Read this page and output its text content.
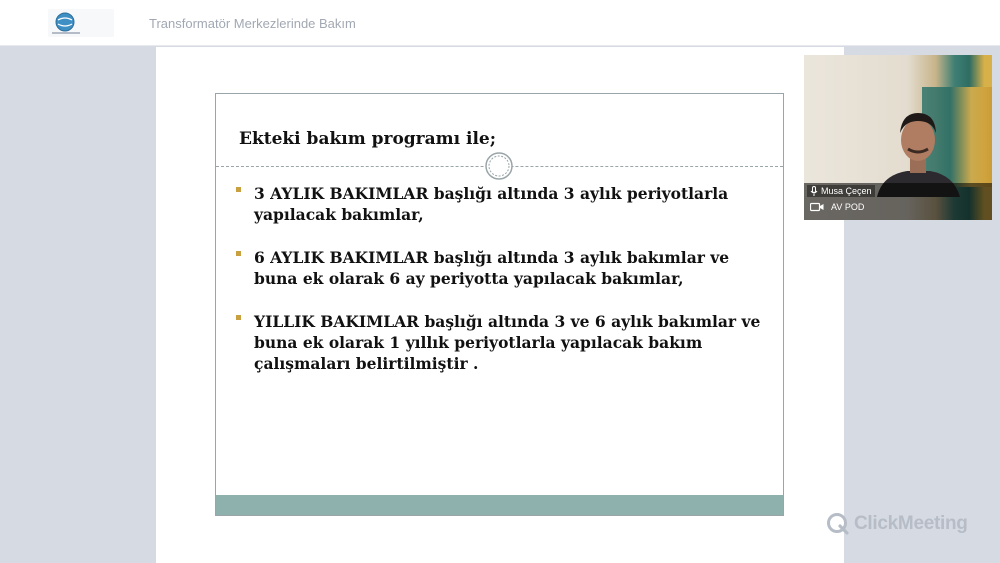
Transformatör Merkezlerinde Bakım
Ekteki bakım programı ile;
3 AYLIK BAKIMLAR başlığı altında 3 aylık periyotlarla yapılacak bakımlar,
6 AYLIK BAKIMLAR başlığı altında 3 aylık bakımlar ve buna ek olarak 6 ay periyotta yapılacak bakımlar,
YILLIK BAKIMLAR başlığı altında 3 ve 6 aylık bakımlar ve buna ek olarak 1 yıllık periyotlarla yapılacak bakım çalışmaları belirtilmiştir .
Musa Çeçen
AV POD
ClickMeeting
